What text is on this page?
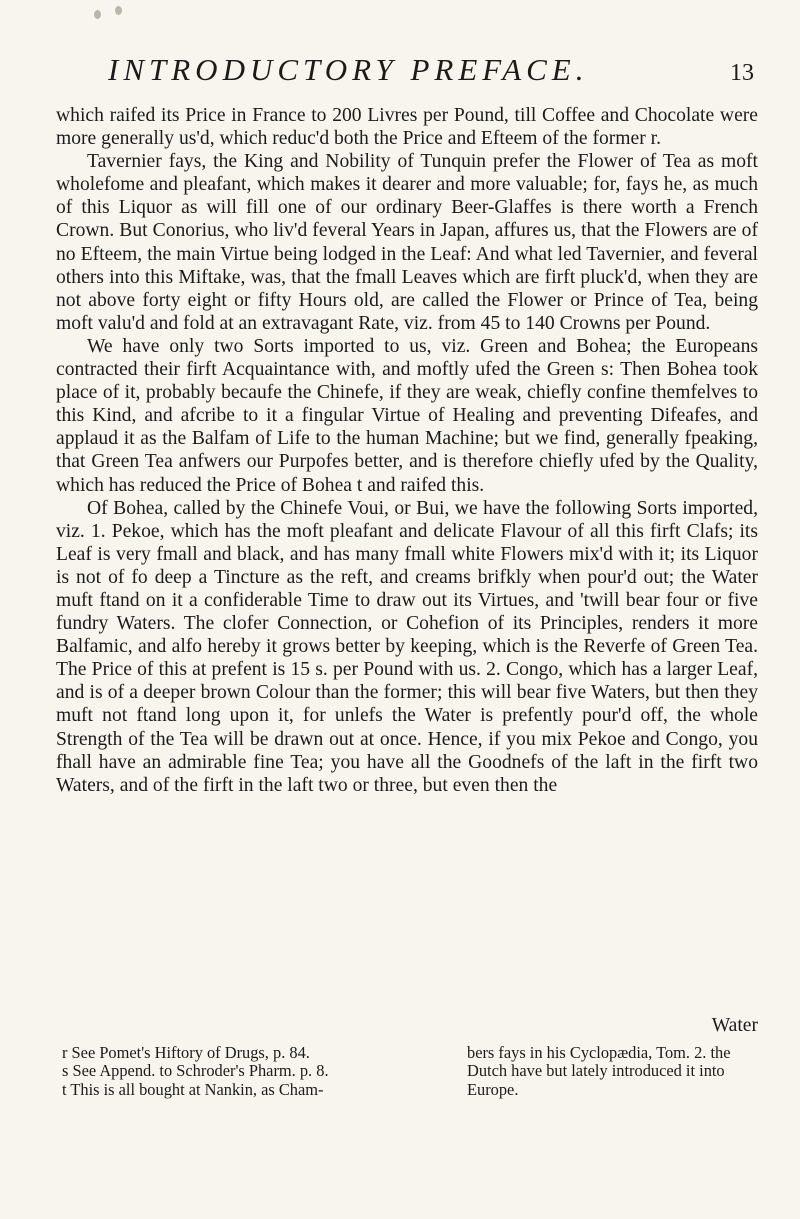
INTRODUCTORY PREFACE.	13

which raifed its Price in France to 200 Livres per Pound, till Coffee and Chocolate were more generally us'd, which reduc'd both the Price and Efteem of the former r.

Tavernier fays, the King and Nobility of Tunquin prefer the Flower of Tea as moft wholefome and pleafant, which makes it dearer and more valuable; for, fays he, as much of this Liquor as will fill one of our ordinary Beer-Glaffes is there worth a French Crown. But Conorius, who liv'd feveral Years in Japan, affures us, that the Flowers are of no Efteem, the main Virtue being lodged in the Leaf: And what led Tavernier, and feveral others into this Miftake, was, that the fmall Leaves which are firft pluck'd, when they are not above forty eight or fifty Hours old, are called the Flower or Prince of Tea, being moft valu'd and fold at an extravagant Rate, viz. from 45 to 140 Crowns per Pound.

We have only two Sorts imported to us, viz. Green and Bohea; the Europeans contracted their firft Acquaintance with, and moftly ufed the Green s: Then Bohea took place of it, probably becaufe the Chinefe, if they are weak, chiefly confine themfelves to this Kind, and afcribe to it a fingular Virtue of Healing and preventing Difeafes, and applaud it as the Balfam of Life to the human Machine; but we find, generally fpeaking, that Green Tea anfwers our Purpofes better, and is therefore chiefly ufed by the Quality, which has reduced the Price of Bohea t and raifed this.

Of Bohea, called by the Chinefe Voui, or Bui, we have the following Sorts imported, viz. 1. Pekoe, which has the moft pleafant and delicate Flavour of all this firft Clafs; its Leaf is very fmall and black, and has many fmall white Flowers mix'd with it; its Liquor is not of fo deep a Tincture as the reft, and creams brifkly when pour'd out; the Water muft ftand on it a confiderable Time to draw out its Virtues, and 'twill bear four or five fundry Waters. The clofer Connection, or Cohefion of its Principles, renders it more Balfamic, and alfo hereby it grows better by keeping, which is the Reverfe of Green Tea. The Price of this at prefent is 15 s. per Pound with us. 2. Congo, which has a larger Leaf, and is of a deeper brown Colour than the former; this will bear five Waters, but then they muft not ftand long upon it, for unlefs the Water is prefently pour'd off, the whole Strength of the Tea will be drawn out at once. Hence, if you mix Pekoe and Congo, you fhall have an admirable fine Tea; you have all the Goodnefs of the laft in the firft two Waters, and of the firft in the laft two or three, but even then the

Water
r See Pomet's Hiftory of Drugs, p. 84.
s See Append. to Schroder's Pharm. p. 8.
t This is all bought at Nankin, as Cham-
bers fays in his Cyclopædia, Tom. 2. the
Dutch have but lately introduced it into
Europe.
